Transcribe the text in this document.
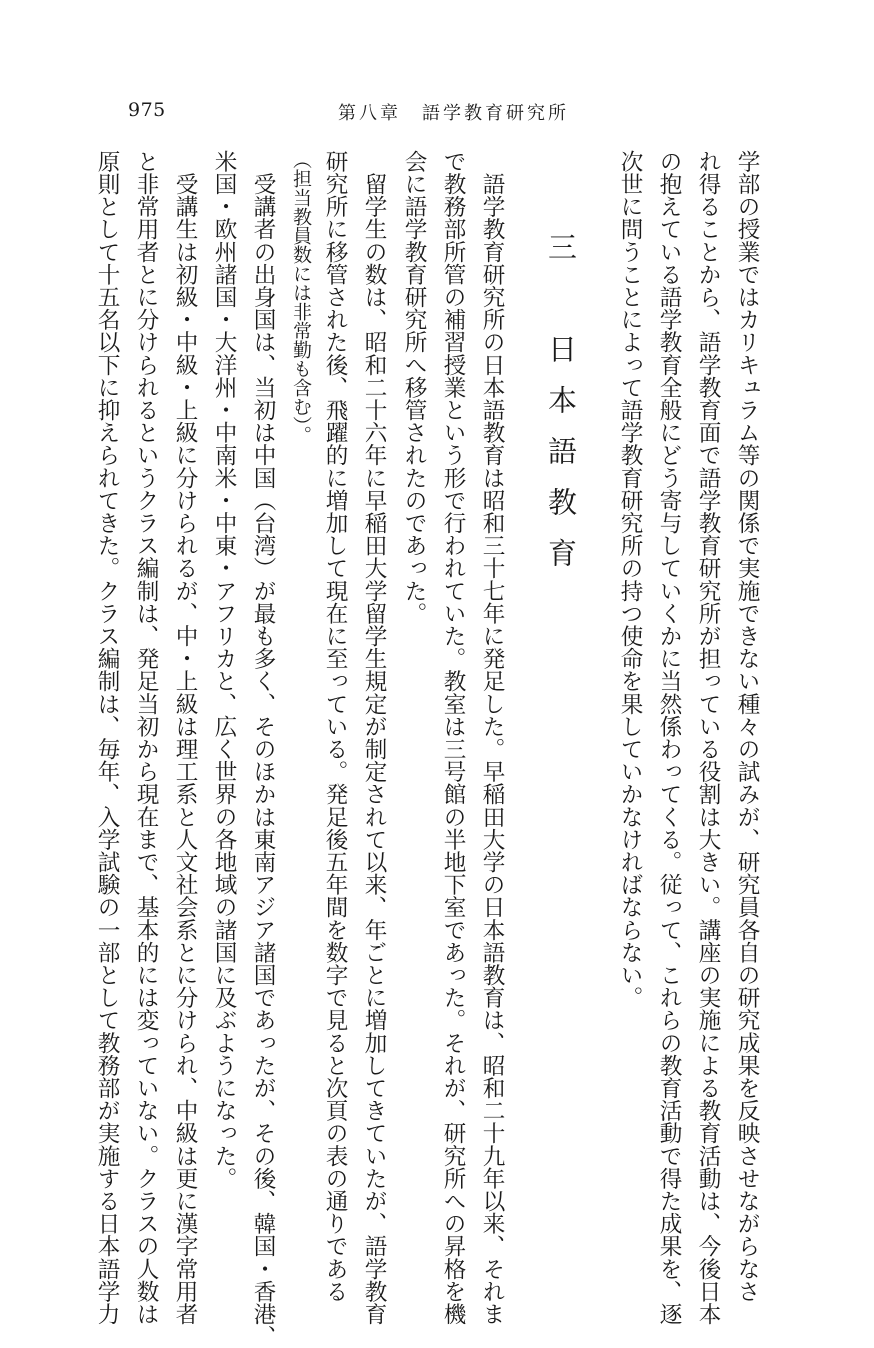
975	第八章　語学教育研究所
学部の授業ではカリキュラム等の関係で実施できない種々の試みが、研究員各自の研究成果を反映させながらなさ
れ得ることから、語学教育面で語学教育研究所が担っている役割は大きい。講座の実施による教育活動は、今後日本
の抱えている語学教育全般にどう寄与していくかに当然係わってくる。従って、これらの教育活動で得た成果を、逐
次世に問うことによって語学教育研究所の持つ使命を果していかなければならない。
三　日本語教育
　語学教育研究所の日本語教育は昭和三十七年に発足した。早稲田大学の日本語教育は、昭和二十九年以来、それま
で教務部所管の補習授業という形で行われていた。教室は三号館の半地下室であった。それが、研究所への昇格を機
会に語学教育研究所へ移管されたのであった。
　留学生の数は、昭和二十六年に早稲田大学留学生規定が制定されて以来、年ごとに増加してきていたが、語学教育
研究所に移管された後、飛躍的に増加して現在に至っている。発足後五年間を数字で見ると次頁の表の通りである
（担当教員数には非常勤も含む）。
　受講者の出身国は、当初は中国（台湾）が最も多く、そのほかは東南アジア諸国であったが、その後、韓国・香港、
米国・欧州諸国・大洋州・中南米・中東・アフリカと、広く世界の各地域の諸国に及ぶようになった。
　受講生は初級・中級・上級に分けられるが、中・上級は理工系と人文社会系とに分けられ、中級は更に漢字常用者
と非常用者とに分けられるというクラス編制は、発足当初から現在まで、基本的には変っていない。クラスの人数は
原則として十五名以下に抑えられてきた。クラス編制は、毎年、入学試験の一部として教務部が実施する日本語学力
